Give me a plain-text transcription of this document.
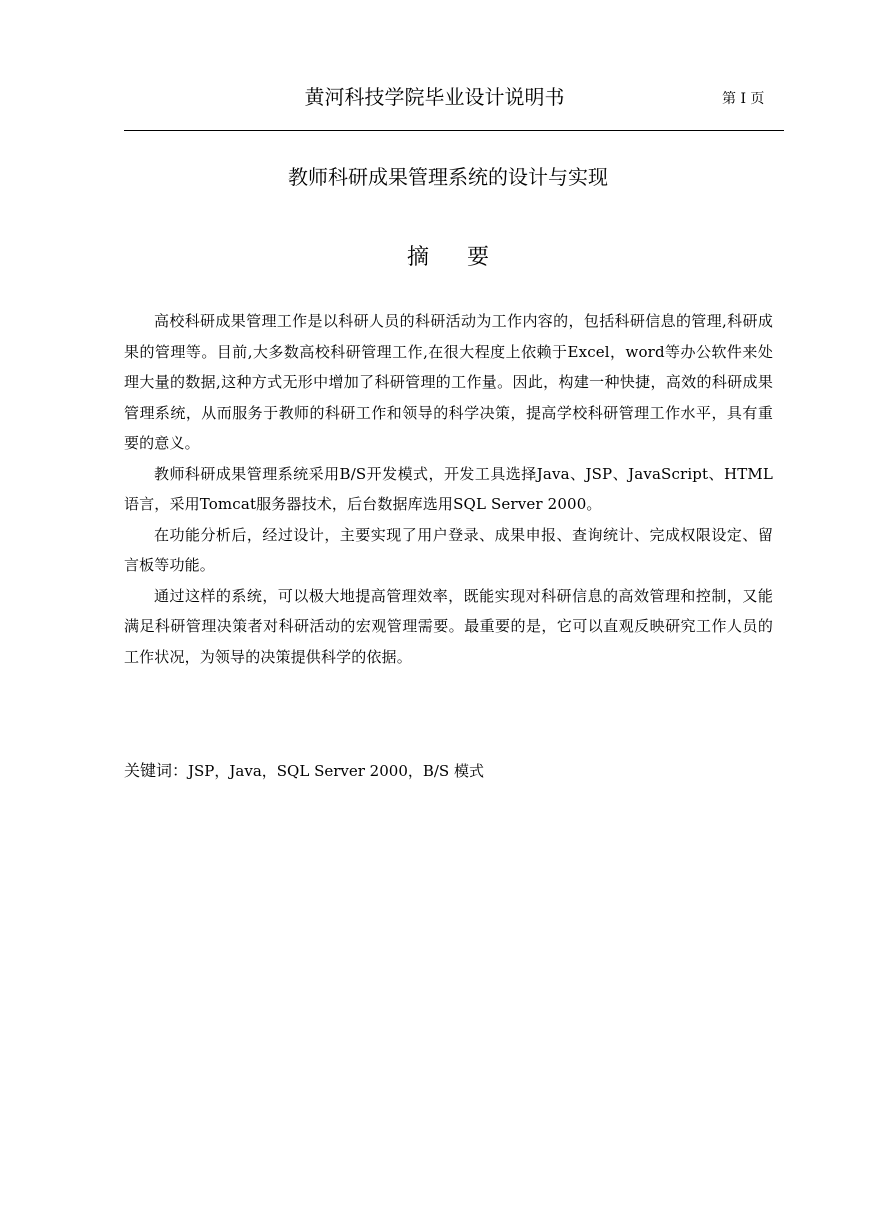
黄河科技学院毕业设计说明书	第 I 页
教师科研成果管理系统的设计与实现
摘要

高校科研成果管理工作是以科研人员的科研活动为工作内容的，包括科研信息的管理,科研成果的管理等。目前,大多数高校科研管理工作,在很大程度上依赖于Excel，word等办公软件来处理大量的数据,这种方式无形中增加了科研管理的工作量。因此，构建一种快捷，高效的科研成果管理系统，从而服务于教师的科研工作和领导的科学决策，提高学校科研管理工作水平，具有重要的意义。

教师科研成果管理系统采用B/S开发模式，开发工具选择Java、JSP、JavaScript、HTML语言，采用Tomcat服务器技术，后台数据库选用SQL Server 2000。

在功能分析后，经过设计，主要实现了用户登录、成果申报、查询统计、完成权限设定、留言板等功能。

通过这样的系统，可以极大地提高管理效率，既能实现对科研信息的高效管理和控制，又能满足科研管理决策者对科研活动的宏观管理需要。最重要的是，它可以直观反映研究工作人员的工作状况，为领导的决策提供科学的依据。

关键词：JSP，Java，SQL Server 2000，B/S 模式
